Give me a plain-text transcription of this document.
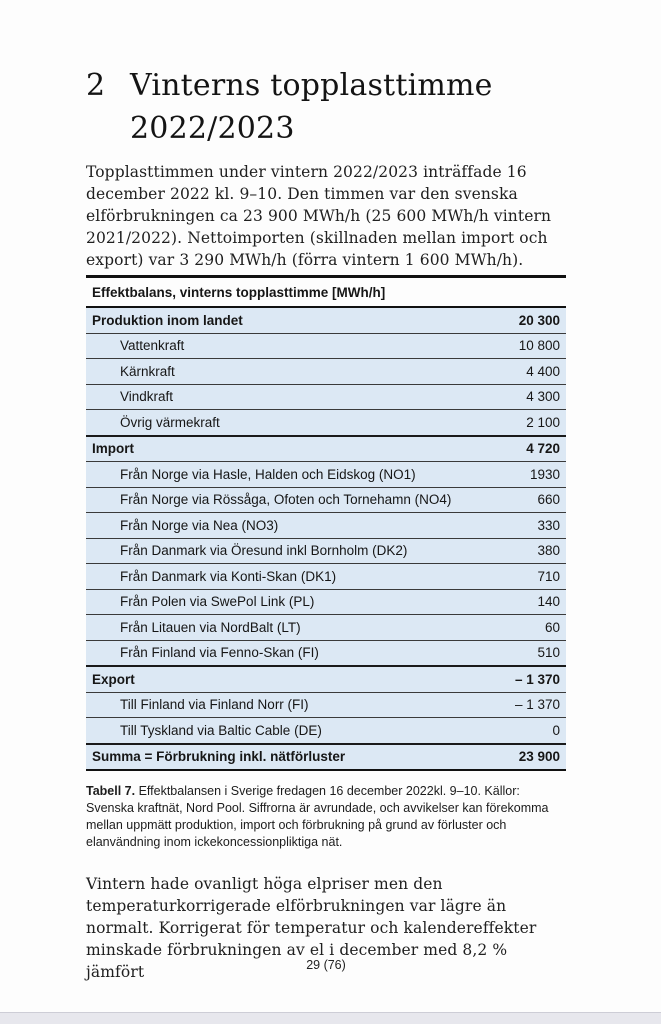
2 Vinterns topplasttimme
2022/2023

Topplasttimmen under vintern 2022/2023 inträffade 16 december 2022 kl. 9–10. Den timmen var den svenska elförbrukningen ca 23 900 MWh/h (25 600 MWh/h vintern 2021/2022). Nettoimporten (skillnaden mellan import och export) var 3 290 MWh/h (förra vintern 1 600 MWh/h).

Effektbalans, vinterns topplasttimme [MWh/h]	
Produktion inom landet	20 300
Vattenkraft	10 800
Kärnkraft	4 400
Vindkraft	4 300
Övrig värmekraft	2 100
Import	4 720
Från Norge via Hasle, Halden och Eidskog (NO1)	1930
Från Norge via Rössåga, Ofoten och Tornehamn (NO4)	660
Från Norge via Nea (NO3)	330
Från Danmark via Öresund inkl Bornholm (DK2)	380
Från Danmark via Konti-Skan (DK1)	710
Från Polen via SwePol Link (PL)	140
Från Litauen via NordBalt (LT)	60
Från Finland via Fenno-Skan (FI)	510
Export	– 1 370
Till Finland via Finland Norr (FI)	– 1 370
Till Tyskland via Baltic Cable (DE)	0
Summa = Förbrukning inkl. nätförluster	23 900

Tabell 7. Effektbalansen i Sverige fredagen 16 december 2022kl. 9–10. Källor: Svenska kraftnät, Nord Pool. Siffrorna är avrundade, och avvikelser kan förekomma mellan uppmätt produktion, import och förbrukning på grund av förluster och elanvändning inom ickekoncessionpliktiga nät.

Vintern hade ovanligt höga elpriser men den temperaturkorrigerade elförbrukningen var lägre än normalt. Korrigerat för temperatur och kalendereffekter minskade förbrukningen av el i december med 8,2 % jämfört	29 (76)
